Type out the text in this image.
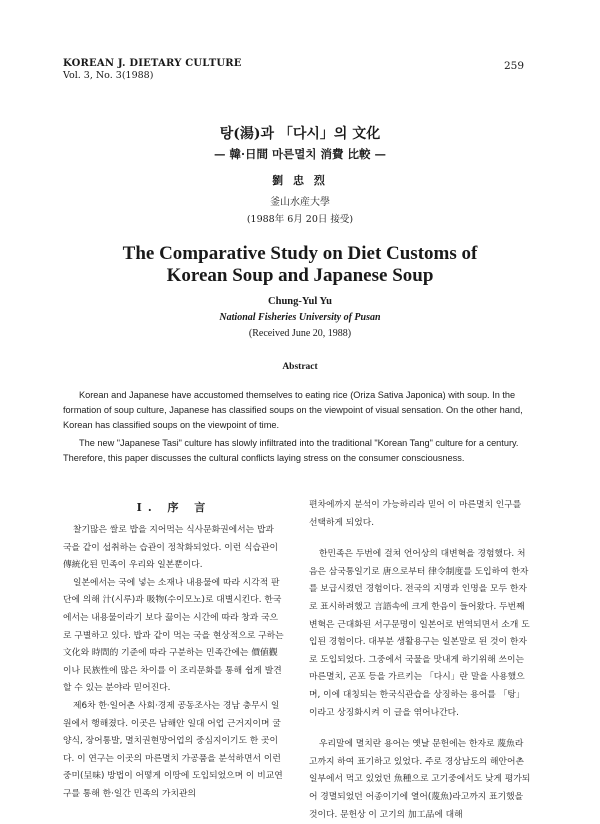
KOREAN J. DIETARY CULTURE
Vol. 3, No. 3(1988)
259
탕(湯)과 「다시」의 文化
— 韓·日間 마른멸치 消費 比較 —
劉 忠 烈
釜山水産大學
(1988年 6月 20日 接受)
The Comparative Study on Diet Customs of
Korean Soup and Japanese Soup
Chung-Yul Yu
National Fisheries University of Pusan
(Received June 20, 1988)
Abstract
Korean and Japanese have accustomed themselves to eating rice (Oriza Sativa Japonica) with soup. In the formation of soup culture, Japanese has classified soups on the viewpoint of visual sensation. On the other hand, Korean has classified soups on the viewpoint of time.
The new "Japanese Tasi" culture has slowly infiltrated into the traditional "Korean Tang" culture for a century. Therefore, this paper discusses the cultural conflicts laying stress on the consumer consciousness.
I. 序 言

찰기많은 쌀로 밥을 지어먹는 식사문화권에서는 밥과 국을 같이 섭취하는 습관이 정착화되었다. 이런 식습관이 傳統化된 민족이 우리와 일본뿐이다.

일본에서는 국에 넣는 소재나 내용물에 따라 시각적 판단에 의해 汁(시루)과 吸物(수이모노)로 대별시킨다. 한국에서는 내용물이라기 보다 끓이는 시간에 따라 창과 국으로 구별하고 있다. 밥과 같이 먹는 국을 현상적으로 구하는 文化와 時間的 기준에 따라 구분하는 민족간에는 價値觀이나 民族性에 많은 차이를 이 조리문화를 통해 쉽게 발견할 수 있는 분야라 믿어진다.

제6차 한·일어촌 사회·경제 공동조사는 경남 충무시 일원에서 행해졌다. 이곳은 남해안 일대 어업 근거지이며 굴양식, 장어통발, 멸치권현망어업의 중심지이기도 한 곳이다. 이 연구는 이곳의 마른멸치 가공품을 분석하면서 이런 중미(呈味) 방법이 어떻게 이땅에 도입되었으며 이 비교연구를 통해 한·일간 민족의 가치관의

편차에까지 분석이 가능하리라 믿어 이 마른멸치 인구를 선택하게 되었다.

한민족은 두번에 걸쳐 언어상의 대변혁을 경험했다. 처음은 삼국통일기로 唐으로부터 律令制度를 도입하여 한자를 보급시켰던 경험이다. 전국의 지명과 인명을 모두 한자로 표시하려했고 言語속에 크게 한음이 들어왔다. 두번째 변혁은 근대화된 서구문명이 일본어로 번역되면서 소개 도입된 경험이다. 대부분 생활용구는 일본말로 된 것이 한자로 도입되었다. 그중에서 국물을 맛내게 하기위해 쓰이는 마른멸치, 곤포 등을 가르키는 「다시」란 말을 사용했으며, 이에 대칭되는 한국식관습을 상징하는 용어를 「탕」이라고 상징화시켜 이 글을 엮어나간다.

우리말에 멸치란 용어는 옛날 문헌에는 한자로 蔑魚라고까지 하여 표기하고 있었다. 주로 경상남도의 해안어촌 일부에서 먹고 있었던 魚種으로 고기중에서도 낮게 평가되어 경멸되었던 어종이기에 열어(蔑魚)라고까지 표기했을 것이다. 문헌상 이 고기의 加工品에 대해
